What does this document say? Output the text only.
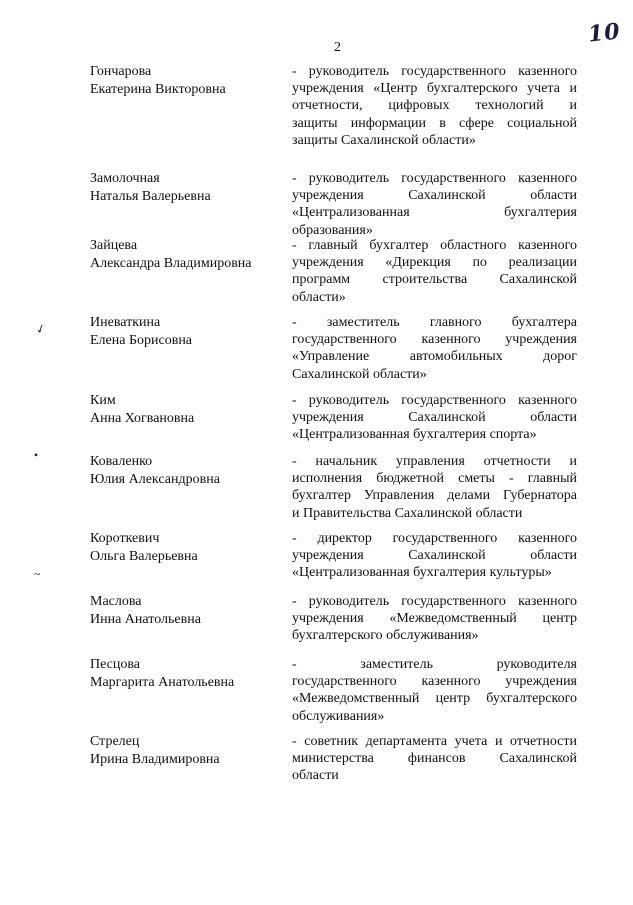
2	10
✓
•
~
Гончарова
Екатерина Викторовна
- руководитель государственного казенного
учреждения «Центр бухгалтерского учета и
отчетности, цифровых технологий и
защиты информации в сфере социальной
защиты Сахалинской области»
Замолочная
Наталья Валерьевна
- руководитель государственного казенного
учреждения Сахалинской области
«Централизованная бухгалтерия
образования»
Зайцева
Александра Владимировна
- главный бухгалтер областного казенного
учреждения «Дирекция по реализации
программ строительства Сахалинской
области»
Иневаткина
Елена Борисовна
- заместитель главного бухгалтера
государственного казенного учреждения
«Управление автомобильных дорог
Сахалинской области»
Ким
Анна Хогвановна
- руководитель государственного казенного
учреждения Сахалинской области
«Централизованная бухгалтерия спорта»
Коваленко
Юлия Александровна
- начальник управления отчетности и
исполнения бюджетной сметы - главный
бухгалтер Управления делами Губернатора
и Правительства Сахалинской области
Короткевич
Ольга Валерьевна
- директор государственного казенного
учреждения Сахалинской области
«Централизованная бухгалтерия культуры»
Маслова
Инна Анатольевна
- руководитель государственного казенного
учреждения «Межведомственный центр
бухгалтерского обслуживания»
Песцова
Маргарита Анатольевна
- заместитель руководителя
государственного казенного учреждения
«Межведомственный центр бухгалтерского
обслуживания»
Стрелец
Ирина Владимировна
- советник департамента учета и отчетности
министерства финансов Сахалинской
области
